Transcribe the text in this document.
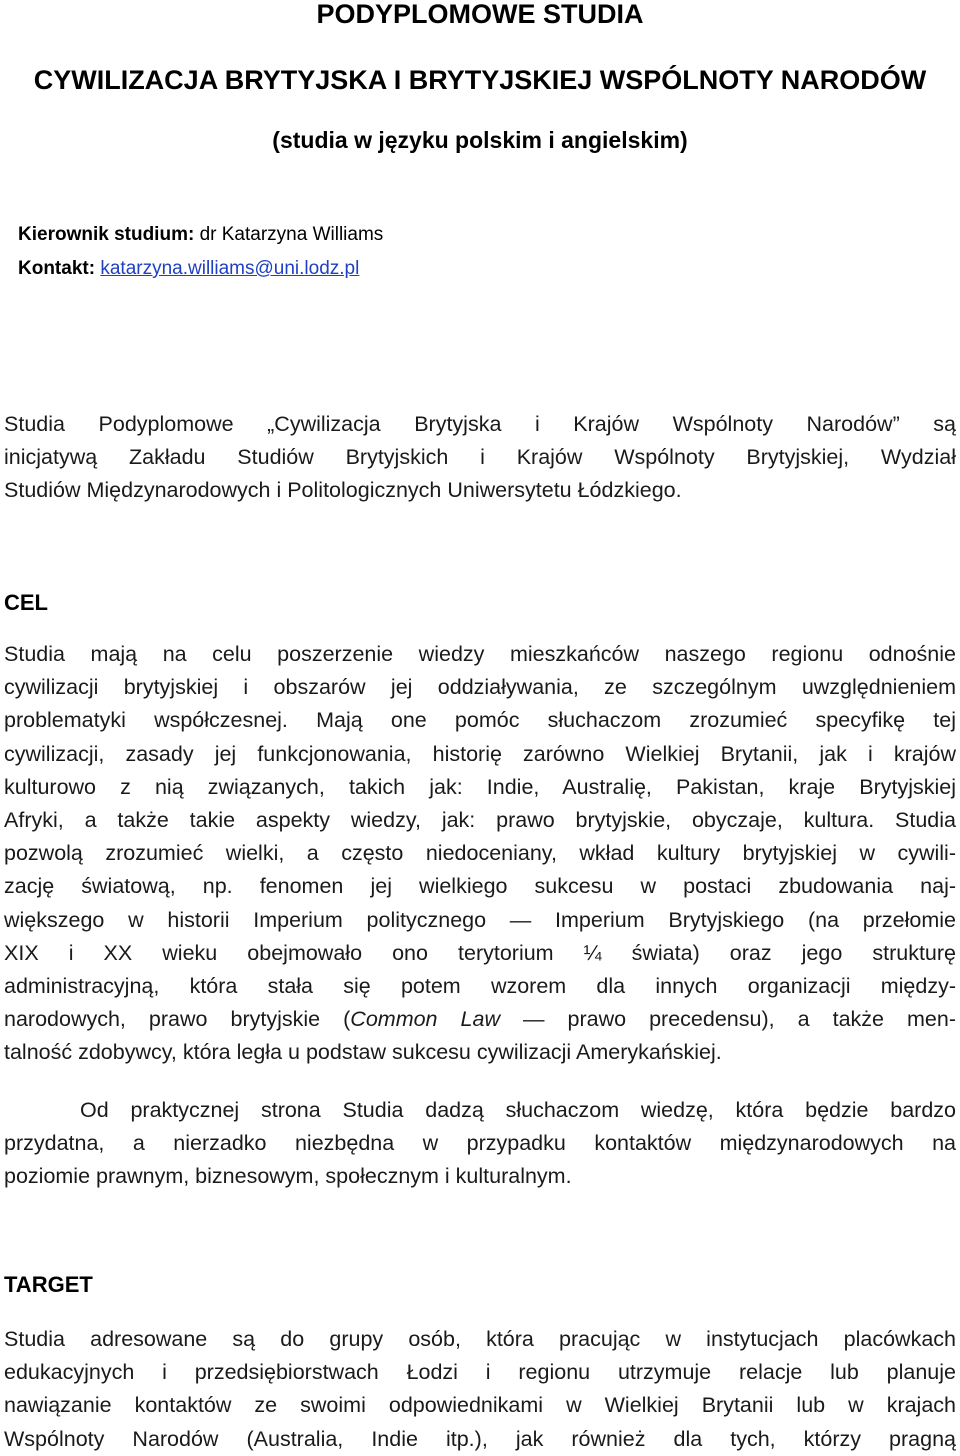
PODYPLOMOWE STUDIA
CYWILIZACJA BRYTYJSKA I BRYTYJSKIEJ WSPÓLNOTY NARODÓW
(studia w języku polskim i angielskim)
Kierownik studium: dr Katarzyna Williams
Kontakt: katarzyna.williams@uni.lodz.pl
Studia Podyplomowe „Cywilizacja Brytyjska i Krajów Wspólnoty Narodów” są
inicjatywą Zakładu Studiów Brytyjskich i Krajów Wspólnoty Brytyjskiej, Wydział
Studiów Międzynarodowych i Politologicznych Uniwersytetu Łódzkiego.
CEL
Studia mają na celu poszerzenie wiedzy mieszkańców naszego regionu odnośnie
cywilizacji brytyjskiej i obszarów jej oddziaływania, ze szczególnym uwzględnieniem
problematyki współczesnej. Mają one pomóc słuchaczom zrozumieć specyfikę tej
cywilizacji, zasady jej funkcjonowania, historię zarówno Wielkiej Brytanii, jak i krajów
kulturowo z nią związanych, takich jak: Indie, Australię, Pakistan, kraje Brytyjskiej
Afryki, a także takie aspekty wiedzy, jak: prawo brytyjskie, obyczaje, kultura. Studia
pozwolą zrozumieć wielki, a często niedoceniany, wkład kultury brytyjskiej w cywili-
zację światową, np. fenomen jej wielkiego sukcesu w postaci zbudowania naj-
większego w historii Imperium politycznego — Imperium Brytyjskiego (na przełomie
XIX i XX wieku obejmowało ono terytorium ¼ świata) oraz jego strukturę
administracyjną, która stała się potem wzorem dla innych organizacji między-
narodowych, prawo brytyjskie (Common Law — prawo precedensu), a także men-
talność zdobywcy, która legła u podstaw sukcesu cywilizacji Amerykańskiej.
Od praktycznej strona Studia dadzą słuchaczom wiedzę, która będzie bardzo
przydatna, a nierzadko niezbędna w przypadku kontaktów międzynarodowych na
poziomie prawnym, biznesowym, społecznym i kulturalnym.
TARGET
Studia adresowane są do grupy osób, która pracując w instytucjach placówkach
edukacyjnych i przedsiębiorstwach Łodzi i regionu utrzymuje relacje lub planuje
nawiązanie kontaktów ze swoimi odpowiednikami w Wielkiej Brytanii lub w krajach
Wspólnoty Narodów (Australia, Indie itp.), jak również dla tych, którzy pragną
